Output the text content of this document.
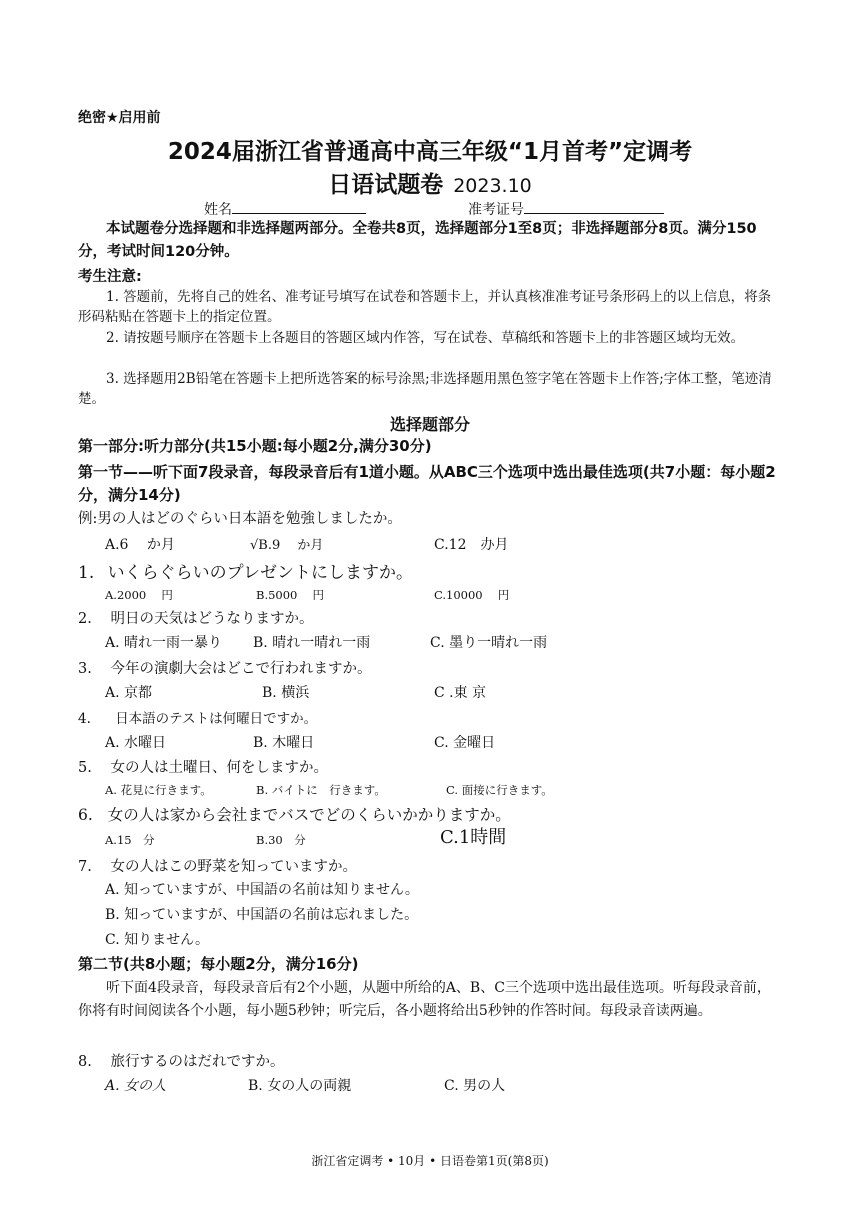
绝密★启用前
2024届浙江省普通高中高三年级“1月首考”定调考
日语试题卷 2023.10
姓名	准考证号
本试题卷分选择题和非选择题两部分。全卷共8页，选择题部分1至8页；非选择题部分8页。满分150分，考试时间120分钟。
考生注意:
1. 答题前，先将自己的姓名、准考证号填写在试卷和答题卡上，并认真核准准考证号条形码上的以上信息，将条形码粘贴在答题卡上的指定位置。
2. 请按题号顺序在答题卡上各题目的答题区域内作答，写在试卷、草稿纸和答题卡上的非答题区域均无效。
3. 选择题用2B铅笔在答题卡上把所选答案的标号涂黑;非选择题用黑色签字笔在答题卡上作答;字体工整，笔迹清楚。
选择题部分
第一部分:听力部分(共15小题:每小题2分,满分30分)
第一节——听下面7段录音，每段录音后有1道小题。从ABC三个选项中选出最佳选项(共7小题：每小题2分，满分14分)
例:男の人はどのぐらい日本語を勉強しましたか。
A.6　 か月	√B.9　 か月	C.12　办月
1. いくらぐらいのプレゼントにしますか。
A.2000　 円	B.5000　 円	C.10000　 円
2. 明日の天気はどうなりますか。
A. 晴れ一雨一暴り B. 晴れ一晴れ一雨	C. 墨り一晴れ一雨
3. 今年の演劇大会はどこで行われますか。
A. 京都	B. 横浜	C .東 京
4. 日本語のテストは何曜日ですか。
A. 水曜日	B. 木曜日	C. 金曜日
5. 女の人は土曜日、何をしますか。
A. 花見に行きます。	B. バイトに　行きます。	C. 面接に行きます。
6. 女の人は家から会社までバスでどのくらいかかりますか。
A.15　分	B.30　分	C.1時間
7. 女の人はこの野菜を知っていますか。
A. 知っていますが、中国語の名前は知りません。
B. 知っていますが、中国語の名前は忘れました。
C. 知りません。
第二节(共8小题；每小题2分，满分16分)
听下面4段录音，每段录音后有2个小题，从题中所给的A、B、C三个选项中选出最佳选项。听每段录音前，你将有时间阅读各个小题，每小题5秒钟；听完后，各小题将给出5秒钟的作答时间。每段录音读两遍。
8. 旅行するのはだれですか。
A. 女の人	B. 女の人の両親	C. 男の人
浙江省定调考 • 10月 • 日语卷第1页(第8页)
